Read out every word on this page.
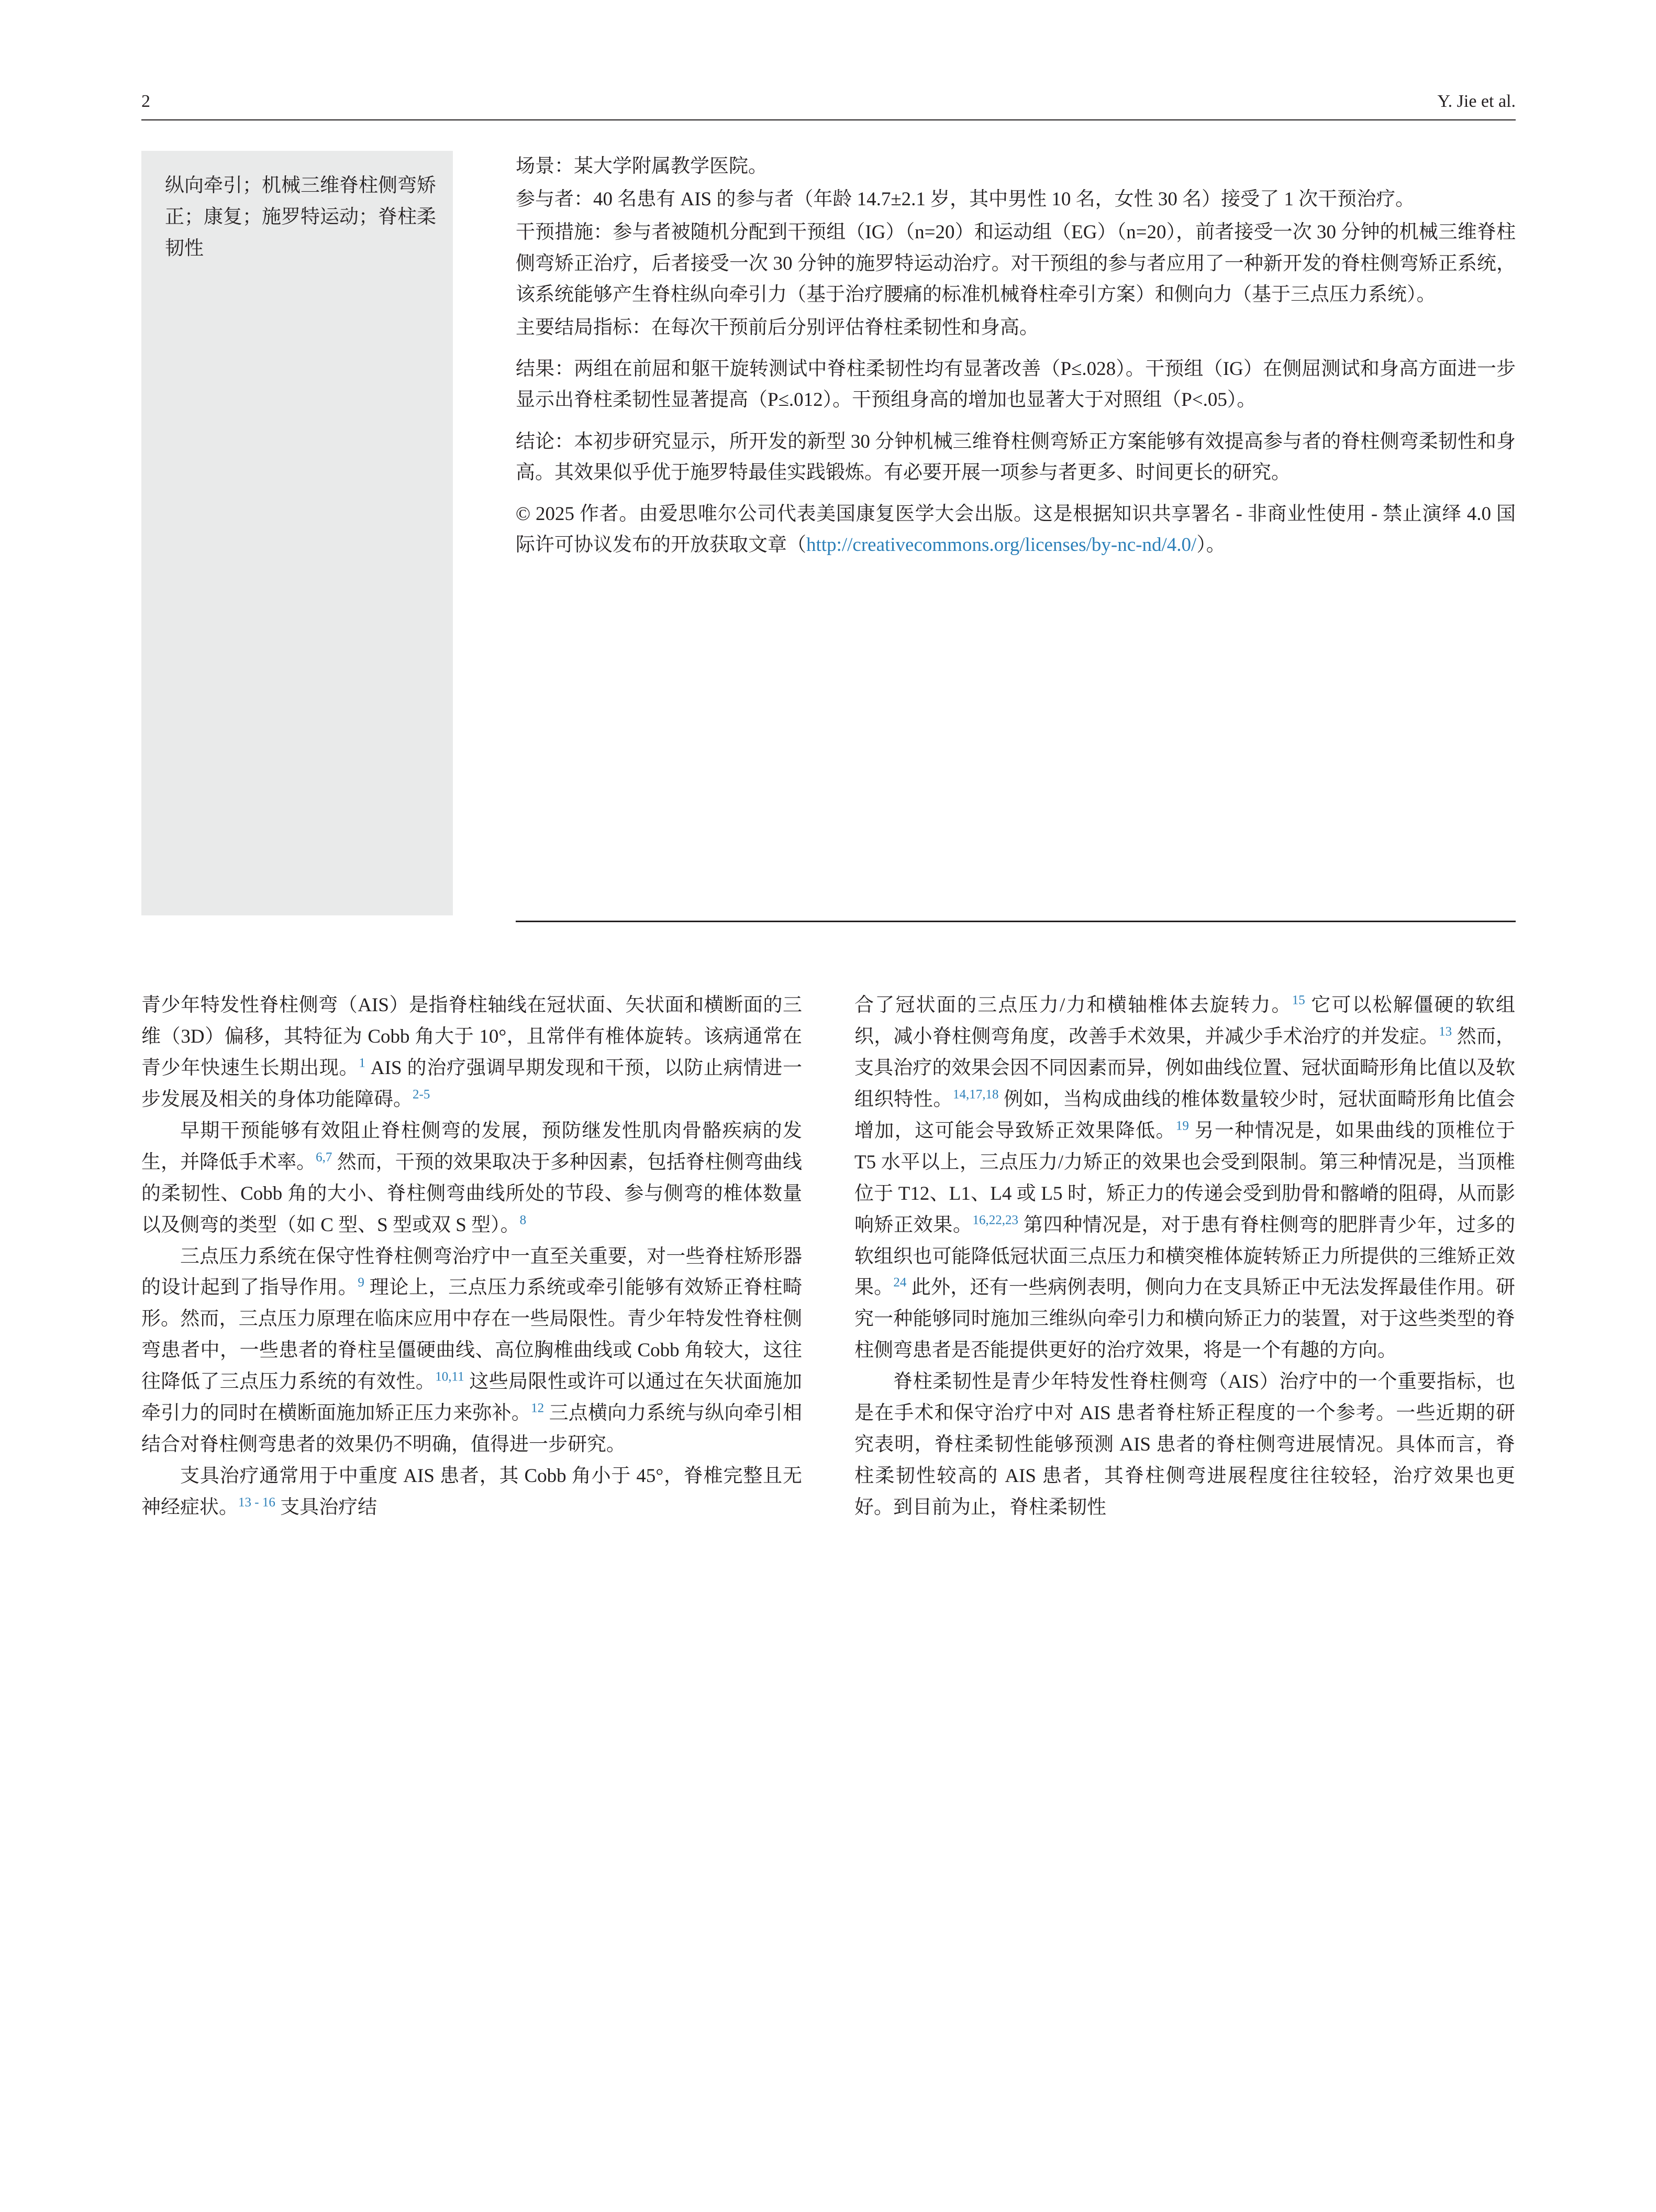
2	Y. Jie et al.
纵向牵引；机械三维脊柱侧弯矫正；康复；施罗特运动；脊柱柔韧性

场景：某大学附属教学医院。

参与者：40 名患有 AIS 的参与者（年龄 14.7±2.1 岁，其中男性 10 名，女性 30 名）接受了 1 次干预治疗。

干预措施：参与者被随机分配到干预组（IG）（n=20）和运动组（EG）（n=20），前者接受一次 30 分钟的机械三维脊柱侧弯矫正治疗，后者接受一次 30 分钟的施罗特运动治疗。对干预组的参与者应用了一种新开发的脊柱侧弯矫正系统，该系统能够产生脊柱纵向牵引力（基于治疗腰痛的标准机械脊柱牵引方案）和侧向力（基于三点压力系统）。

主要结局指标：在每次干预前后分别评估脊柱柔韧性和身高。

结果：两组在前屈和躯干旋转测试中脊柱柔韧性均有显著改善（P≤.028）。干预组（IG）在侧屈测试和身高方面进一步显示出脊柱柔韧性显著提高（P≤.012）。干预组身高的增加也显著大于对照组（P<.05）。

结论：本初步研究显示，所开发的新型 30 分钟机械三维脊柱侧弯矫正方案能够有效提高参与者的脊柱侧弯柔韧性和身高。其效果似乎优于施罗特最佳实践锻炼。有必要开展一项参与者更多、时间更长的研究。

© 2025 作者。由爱思唯尔公司代表美国康复医学大会出版。这是根据知识共享署名 - 非商业性使用 - 禁止演绎 4.0 国际许可协议发布的开放获取文章（http://creativecommons.org/licenses/by-nc-nd/4.0/）。

青少年特发性脊柱侧弯（AIS）是指脊柱轴线在冠状面、矢状面和横断面的三维（3D）偏移，其特征为 Cobb 角大于 10°，且常伴有椎体旋转。该病通常在青少年快速生长期出现。$^1$ AIS 的治疗强调早期发现和干预，以防止病情进一步发展及相关的身体功能障碍。$^{2-5}$

早期干预能够有效阻止脊柱侧弯的发展，预防继发性肌肉骨骼疾病的发生，并降低手术率。$^{6,7}$ 然而，干预的效果取决于多种因素，包括脊柱侧弯曲线的柔韧性、Cobb 角的大小、脊柱侧弯曲线所处的节段、参与侧弯的椎体数量以及侧弯的类型（如 C 型、S 型或双 S 型）。$^8$

三点压力系统在保守性脊柱侧弯治疗中一直至关重要，对一些脊柱矫形器的设计起到了指导作用。$^9$ 理论上，三点压力系统或牵引能够有效矫正脊柱畸形。然而，三点压力原理在临床应用中存在一些局限性。青少年特发性脊柱侧弯患者中，一些患者的脊柱呈僵硬曲线、高位胸椎曲线或 Cobb 角较大，这往往降低了三点压力系统的有效性。$^{10,11}$ 这些局限性或许可以通过在矢状面施加牵引力的同时在横断面施加矫正压力来弥补。$^{12}$ 三点横向力系统与纵向牵引相结合对脊柱侧弯患者的效果仍不明确，值得进一步研究。

支具治疗通常用于中重度 AIS 患者，其 Cobb 角小于 45°，脊椎完整且无神经症状。$^{13 - 16}$ 支具治疗结

合了冠状面的三点压力/力和横轴椎体去旋转力。$^{15}$ 它可以松解僵硬的软组织，减小脊柱侧弯角度，改善手术效果，并减少手术治疗的并发症。$^{13}$ 然而，支具治疗的效果会因不同因素而异，例如曲线位置、冠状面畸形角比值以及软组织特性。$^{14,17,18}$ 例如，当构成曲线的椎体数量较少时，冠状面畸形角比值会增加，这可能会导致矫正效果降低。$^{19}$ 另一种情况是，如果曲线的顶椎位于 T5 水平以上，三点压力/力矫正的效果也会受到限制。第三种情况是，当顶椎位于 T12、L1、L4 或 L5 时，矫正力的传递会受到肋骨和髂嵴的阻碍，从而影响矫正效果。$^{16,22,23}$ 第四种情况是，对于患有脊柱侧弯的肥胖青少年，过多的软组织也可能降低冠状面三点压力和横突椎体旋转矫正力所提供的三维矫正效果。$^{24}$ 此外，还有一些病例表明，侧向力在支具矫正中无法发挥最佳作用。研究一种能够同时施加三维纵向牵引力和横向矫正力的装置，对于这些类型的脊柱侧弯患者是否能提供更好的治疗效果，将是一个有趣的方向。

脊柱柔韧性是青少年特发性脊柱侧弯（AIS）治疗中的一个重要指标，也是在手术和保守治疗中对 AIS 患者脊柱矫正程度的一个参考。一些近期的研究表明，脊柱柔韧性能够预测 AIS 患者的脊柱侧弯进展情况。具体而言，脊柱柔韧性较高的 AIS 患者，其脊柱侧弯进展程度往往较轻，治疗效果也更好。到目前为止，脊柱柔韧性
